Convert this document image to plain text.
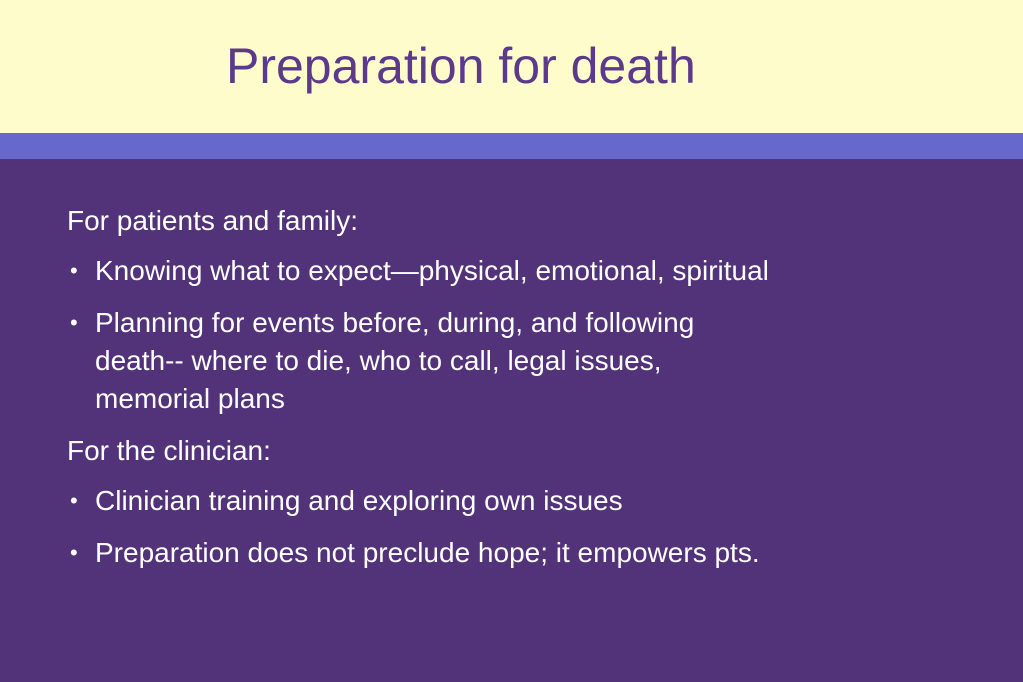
Preparation for death
For patients and family:
• Knowing what to expect—physical, emotional, spiritual
• Planning for events before, during, and following
death-- where to die, who to call, legal issues,
memorial plans
For the clinician:
• Clinician training and exploring own issues
• Preparation does not preclude hope; it empowers pts.
